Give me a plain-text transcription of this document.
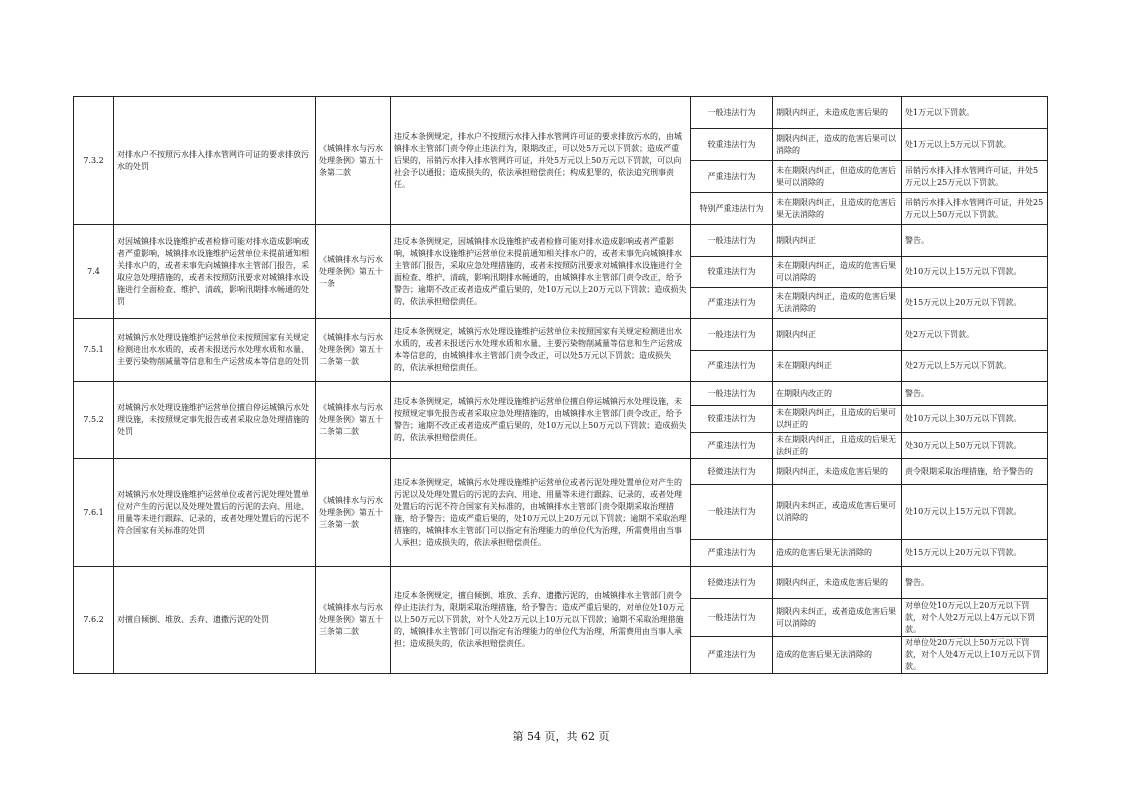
7.3.2	对排水户不按照污水排入排水管网许可证的要求排放污水的处罚	《城镇排水与污水处理条例》第五十条第二款	违反本条例规定，排水户不按照污水排入排水管网许可证的要求排放污水的，由城镇排水主管部门责令停止违法行为，限期改正，可以处5万元以下罚款；造成严重后果的，吊销污水排入排水管网许可证，并处5万元以上50万元以下罚款，可以向社会予以通报；造成损失的，依法承担赔偿责任；构成犯罪的，依法追究刑事责任。	一般违法行为	期限内纠正，未造成危害后果的	处1万元以下罚款。
				较重违法行为	期限内纠正，造成的危害后果可以消除的	处1万元以上5万元以下罚款。
				严重违法行为	未在期限内纠正，但造成的危害后果可以消除的	吊销污水排入排水管网许可证，并处5万元以上25万元以下罚款。
				特别严重违法行为	未在期限内纠正，且造成的危害后果无法消除的	吊销污水排入排水管网许可证，并处25万元以上50万元以下罚款。
7.4	对因城镇排水设施维护或者检修可能对排水造成影响或者严重影响，城镇排水设施维护运营单位未提前通知相关排水户的，或者未事先向城镇排水主管部门报告，采取应急处理措施的，或者未按照防汛要求对城镇排水设施进行全面检查、维护、清疏，影响汛期排水畅通的处罚	《城镇排水与污水处理条例》第五十一条	违反本条例规定，因城镇排水设施维护或者检修可能对排水造成影响或者严重影响，城镇排水设施维护运营单位未提前通知相关排水户的，或者未事先向城镇排水主管部门报告，采取应急处理措施的，或者未按照防汛要求对城镇排水设施进行全面检查、维护、清疏，影响汛期排水畅通的，由城镇排水主管部门责令改正，给予警告；逾期不改正或者造成严重后果的，处10万元以上20万元以下罚款；造成损失的，依法承担赔偿责任。	一般违法行为	期限内纠正	警告。
				较重违法行为	未在期限内纠正，造成的危害后果可以消除的	处10万元以上15万元以下罚款。
				严重违法行为	未在期限内纠正，造成的危害后果无法消除的	处15万元以上20万元以下罚款。
7.5.1	对城镇污水处理设施维护运营单位未按照国家有关规定检测进出水水质的，或者未报送污水处理水质和水量、主要污染物削减量等信息和生产运营成本等信息的处罚	《城镇排水与污水处理条例》第五十二条第一款	违反本条例规定，城镇污水处理设施维护运营单位未按照国家有关规定检测进出水水质的，或者未报送污水处理水质和水量、主要污染物削减量等信息和生产运营成本等信息的，由城镇排水主管部门责令改正，可以处5万元以下罚款；造成损失的，依法承担赔偿责任。	一般违法行为	期限内纠正	处2万元以下罚款。
				严重违法行为	未在期限内纠正	处2万元以上5万元以下罚款。
7.5.2	对城镇污水处理设施维护运营单位擅自停运城镇污水处理设施，未按照规定事先报告或者采取应急处理措施的处罚	《城镇排水与污水处理条例》第五十二条第二款	违反本条例规定，城镇污水处理设施维护运营单位擅自停运城镇污水处理设施，未按照规定事先报告或者采取应急处理措施的，由城镇排水主管部门责令改正，给予警告；逾期不改正或者造成严重后果的，处10万元以上50万元以下罚款；造成损失的，依法承担赔偿责任。	一般违法行为	在期限内改正的	警告。
				较重违法行为	未在期限内纠正，且造成的后果可以纠正的	处10万元以上30万元以下罚款。
				严重违法行为	未在期限内纠正，且造成的后果无法纠正的	处30万元以上50万元以下罚款。
7.6.1	对城镇污水处理设施维护运营单位或者污泥处理处置单位对产生的污泥以及处理处置后的污泥的去向、用途、用量等未进行跟踪、记录的，或者处理处置后的污泥不符合国家有关标准的处罚	《城镇排水与污水处理条例》第五十三条第一款	违反本条例规定，城镇污水处理设施维护运营单位或者污泥处理处置单位对产生的污泥以及处理处置后的污泥的去向、用途、用量等未进行跟踪、记录的，或者处理处置后的污泥不符合国家有关标准的，由城镇排水主管部门责令限期采取治理措施，给予警告；造成严重后果的，处10万元以上20万元以下罚款；逾期不采取治理措施的，城镇排水主管部门可以指定有治理能力的单位代为治理，所需费用由当事人承担；造成损失的，依法承担赔偿责任。	轻微违法行为	期限内纠正，未造成危害后果的	责令限期采取治理措施，给予警告的
				一般违法行为	期限内未纠正，或造成危害后果可以消除的	处10万元以上15万元以下罚款。
				严重违法行为	造成的危害后果无法消除的	处15万元以上20万元以下罚款。
7.6.2	对擅自倾倒、堆放、丢弃、遗撒污泥的处罚	《城镇排水与污水处理条例》第五十三条第二款	违反本条例规定，擅自倾倒、堆放、丢弃、遗撒污泥的，由城镇排水主管部门责令停止违法行为，限期采取治理措施，给予警告；造成严重后果的，对单位处10万元以上50万元以下罚款，对个人处2万元以上10万元以下罚款；逾期不采取治理措施的，城镇排水主管部门可以指定有治理能力的单位代为治理，所需费用由当事人承担；造成损失的，依法承担赔偿责任。	轻微违法行为	期限内纠正，未造成危害后果的	警告。
				一般违法行为	期限内未纠正，或者造成危害后果可以消除的	对单位处10万元以上20万元以下罚款，对个人处2万元以上4万元以下罚款。
				严重违法行为	造成的危害后果无法消除的	对单位处20万元以上50万元以下罚款，对个人处4万元以上10万元以下罚款。
第 54 页，共 62 页
